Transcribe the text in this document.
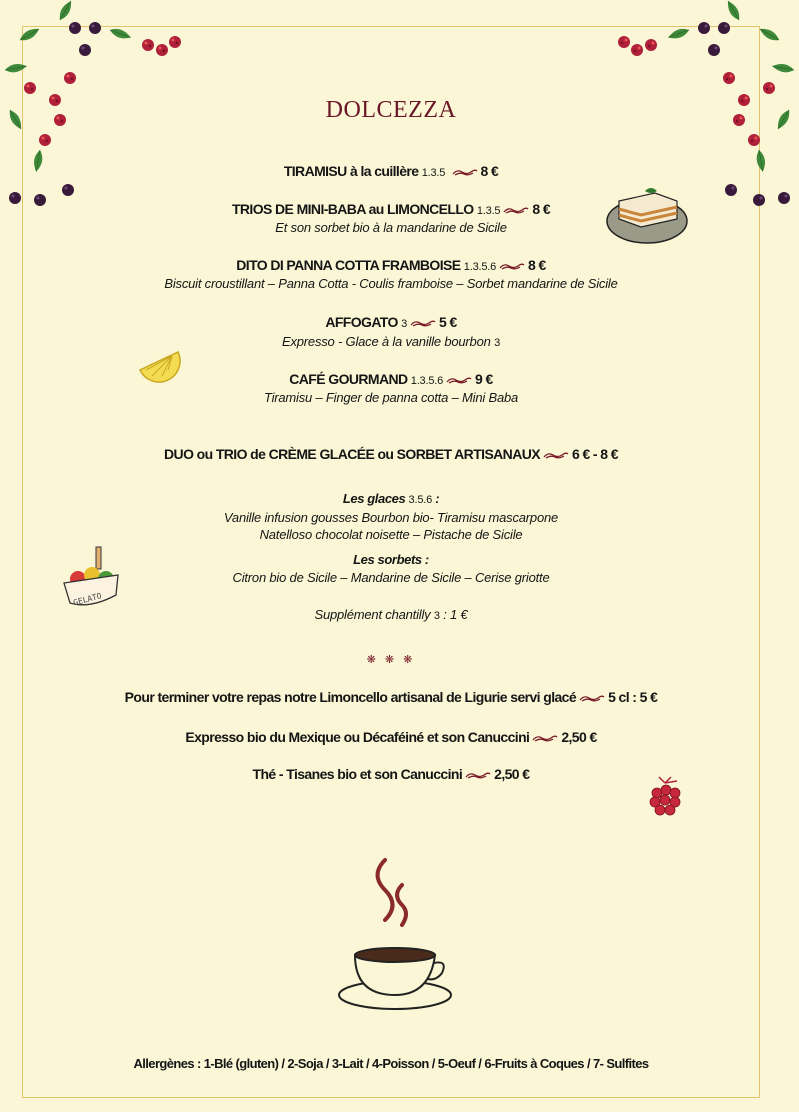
GELATO
DOLCEZZA
TIRAMISU à la cuillère 1.3.5	8 €
TRIOS DE MINI-BABA au LIMONCELLO 1.3.5 8 €
Et son sorbet bio à la mandarine de Sicile
DITO DI PANNA COTTA FRAMBOISE 1.3.5.6 8 €
Biscuit croustillant – Panna Cotta - Coulis framboise – Sorbet mandarine de Sicile
AFFOGATO 3 5 €
Expresso - Glace à la vanille bourbon 3
CAFÉ GOURMAND 1.3.5.6 9 €
Tiramisu – Finger de panna cotta – Mini Baba
DUO ou TRIO de CRÈME GLACÉE ou SORBET ARTISANAUX 6 € - 8 €
Les glaces 3.5.6 :
Vanille infusion gousses Bourbon bio- Tiramisu mascarpone
Natelloso chocolat noisette – Pistache de Sicile
Les sorbets :
Citron bio de Sicile – Mandarine de Sicile – Cerise griotte
Supplément chantilly 3 : 1 €
❋ ❋ ❋
Pour terminer votre repas notre Limoncello artisanal de Ligurie servi glacé 5 cl : 5 €
Expresso bio du Mexique ou Décaféiné et son Canuccini 2,50 €
Thé - Tisanes bio et son Canuccini 2,50 €
Allergènes : 1-Blé (gluten) / 2-Soja / 3-Lait / 4-Poisson / 5-Oeuf / 6-Fruits à Coques / 7- Sulfites
